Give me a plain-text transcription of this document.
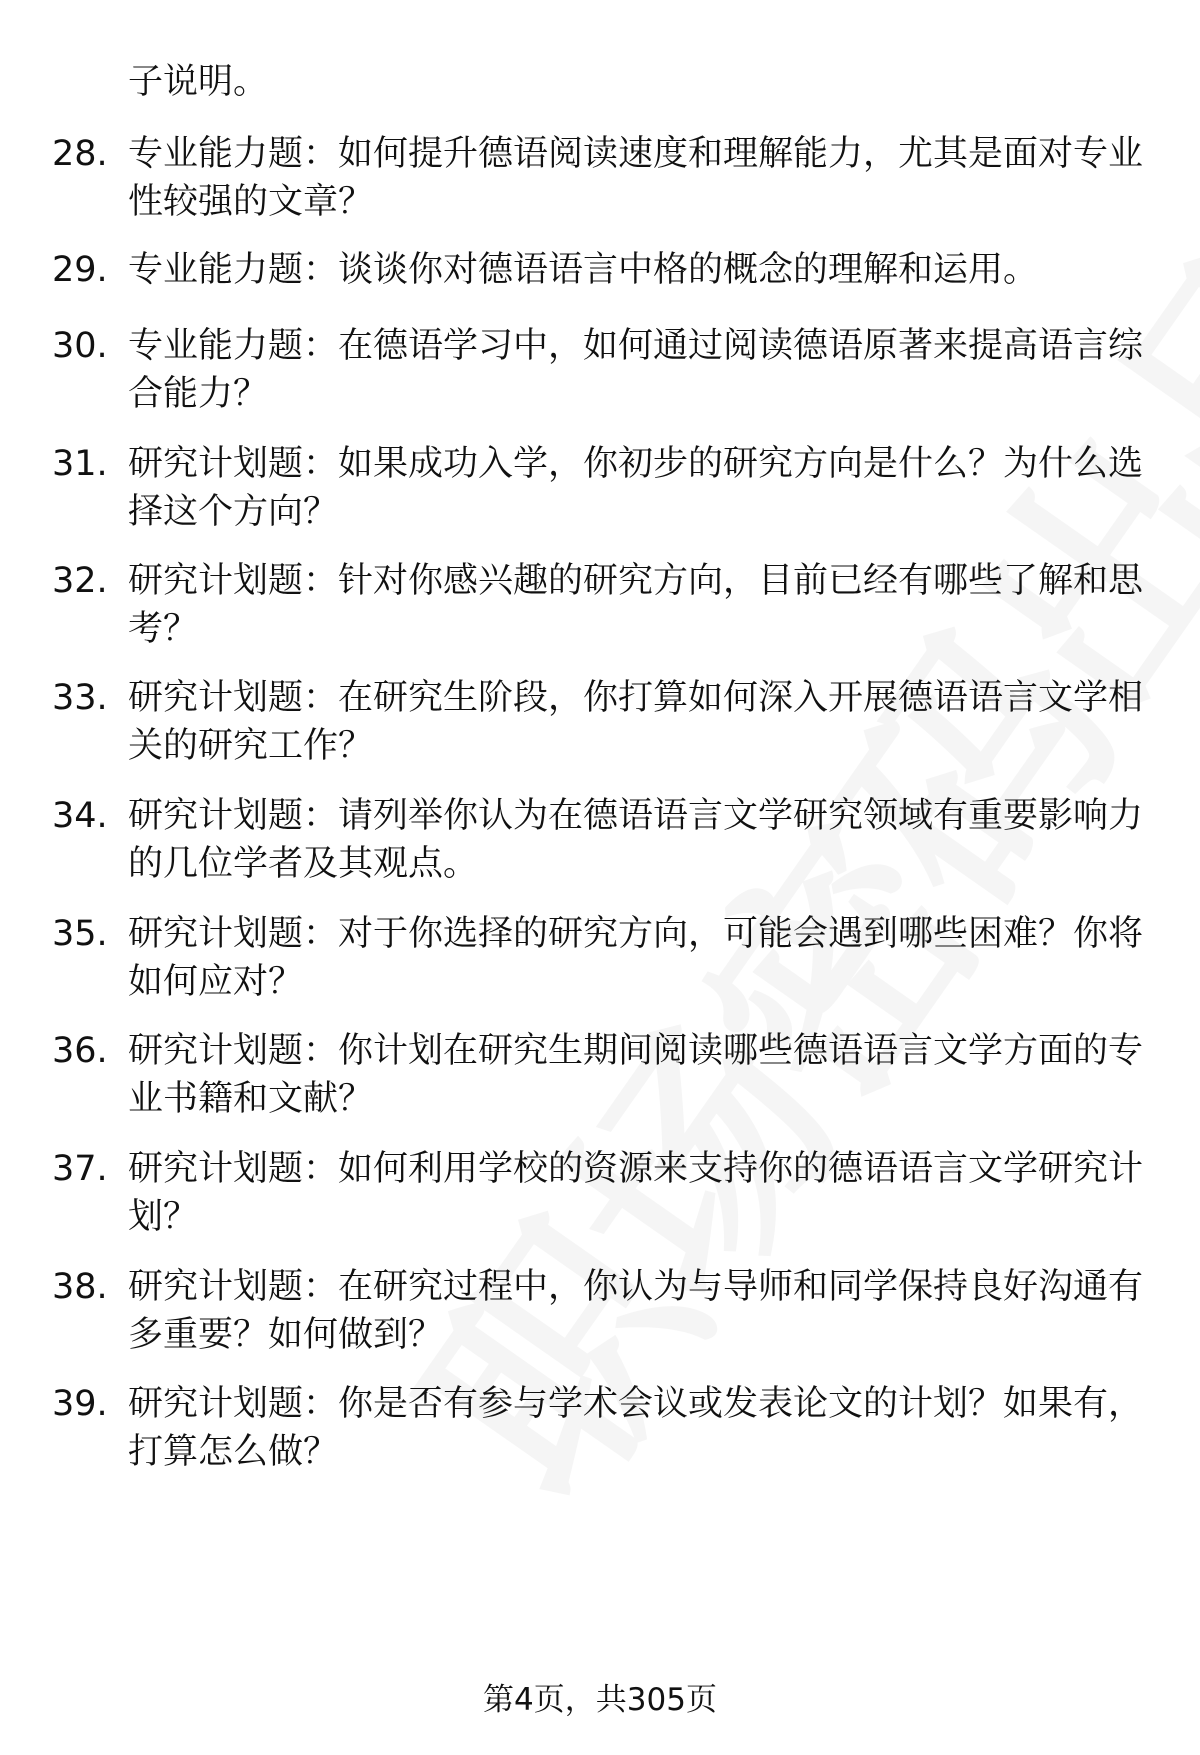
子说明。
28. 专业能力题：如何提升德语阅读速度和理解能力，尤其是面对专业性较强的文章？
29. 专业能力题：谈谈你对德语语言中格的概念的理解和运用。
30. 专业能力题：在德语学习中，如何通过阅读德语原著来提高语言综合能力？
31. 研究计划题：如果成功入学，你初步的研究方向是什么？为什么选择这个方向？
32. 研究计划题：针对你感兴趣的研究方向，目前已经有哪些了解和思考？
33. 研究计划题：在研究生阶段，你打算如何深入开展德语语言文学相关的研究工作？
34. 研究计划题：请列举你认为在德语语言文学研究领域有重要影响力的几位学者及其观点。
35. 研究计划题：对于你选择的研究方向，可能会遇到哪些困难？你将如何应对？
36. 研究计划题：你计划在研究生期间阅读哪些德语语言文学方面的专业书籍和文献？
37. 研究计划题：如何利用学校的资源来支持你的德语语言文学研究计划？
38. 研究计划题：在研究过程中，你认为与导师和同学保持良好沟通有多重要？如何做到？
39. 研究计划题：你是否有参与学术会议或发表论文的计划？如果有，打算怎么做？
第4页，共305页
